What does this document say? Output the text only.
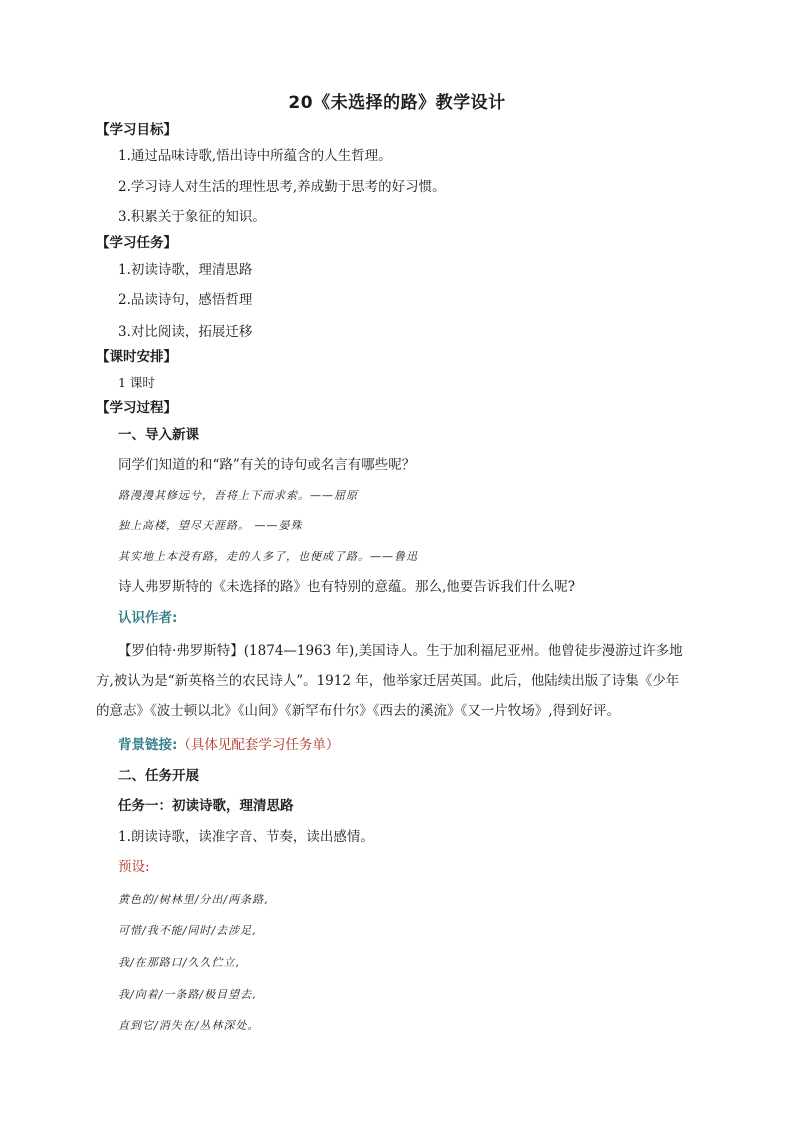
20《未选择的路》教学设计
【学习目标】
1.通过品味诗歌,悟出诗中所蕴含的人生哲理。
2.学习诗人对生活的理性思考,养成勤于思考的好习惯。
3.积累关于象征的知识。
【学习任务】
1.初读诗歌，理清思路
2.品读诗句，感悟哲理
3.对比阅读，拓展迁移
【课时安排】
1 课时
【学习过程】
一、导入新课
同学们知道的和“路”有关的诗句或名言有哪些呢？
路漫漫其修远兮，吾将上下而求索。——屈原
独上高楼，望尽天涯路。 ——晏殊
其实地上本没有路，走的人多了，也便成了路。——鲁迅
诗人弗罗斯特的《未选择的路》也有特别的意蕴。那么,他要告诉我们什么呢?
认识作者:
【罗伯特·弗罗斯特】(1874—1963 年),美国诗人。生于加利福尼亚州。他曾徒步漫游过许多地
方,被认为是“新英格兰的农民诗人”。1912 年，他举家迁居英国。此后，他陆续出版了诗集《少年
的意志》《波士顿以北》《山间》《新罕布什尔》《西去的溪流》《又一片牧场》,得到好评。
背景链接:（具体见配套学习任务单）
二、任务开展
任务一：初读诗歌，理清思路
1.朗读诗歌，读准字音、节奏，读出感情。
预设:
黄色的/树林里/分出/两条路,
可惜/我不能/同时/去涉足,
我/在那路口/久久伫立,
我/向着/一条路/极目望去,
直到它/消失在/丛林深处。
